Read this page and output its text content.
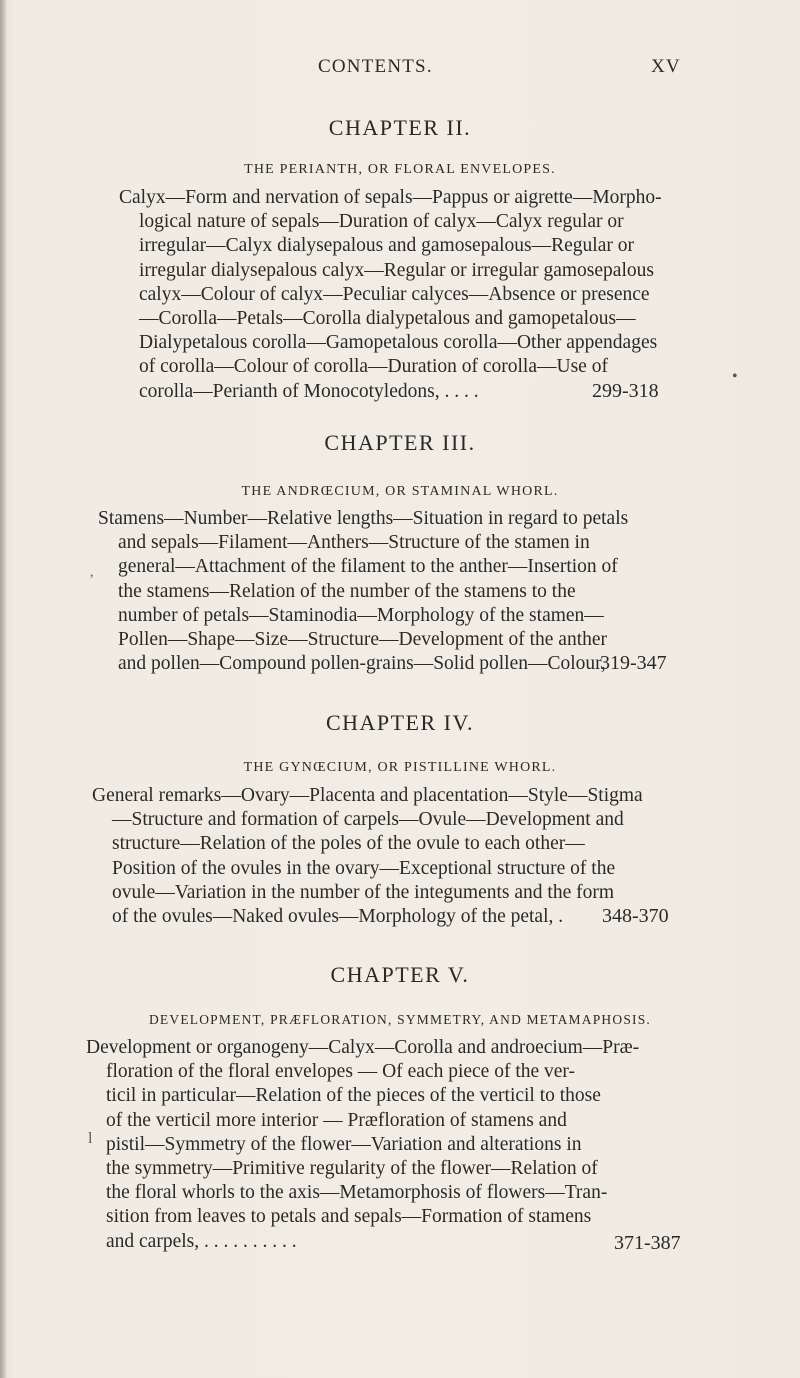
CONTENTS.	XV
CHAPTER II.
THE PERIANTH, OR FLORAL ENVELOPES.
Calyx—Form and nervation of sepals—Pappus or aigrette—Morpho-
logical nature of sepals—Duration of calyx—Calyx regular or
irregular—Calyx dialysepalous and gamosepalous—Regular or
irregular dialysepalous calyx—Regular or irregular gamosepalous
calyx—Colour of calyx—Peculiar calyces—Absence or presence
—Corolla—Petals—Corolla dialypetalous and gamopetalous—
Dialypetalous corolla—Gamopetalous corolla—Other appendages
of corolla—Colour of corolla—Duration of corolla—Use of
corolla—Perianth of Monocotyledons, . . . .	299-318
CHAPTER III.
THE ANDRŒCIUM, OR STAMINAL WHORL.
Stamens—Number—Relative lengths—Situation in regard to petals
and sepals—Filament—Anthers—Structure of the stamen in
general—Attachment of the filament to the anther—Insertion of
the stamens—Relation of the number of the stamens to the
number of petals—Staminodia—Morphology of the stamen—
Pollen—Shape—Size—Structure—Development of the anther
and pollen—Compound pollen-grains—Solid pollen—Colour,
319-347
CHAPTER IV.
THE GYNŒCIUM, OR PISTILLINE WHORL.
General remarks—Ovary—Placenta and placentation—Style—Stigma
—Structure and formation of carpels—Ovule—Development and
structure—Relation of the poles of the ovule to each other—
Position of the ovules in the ovary—Exceptional structure of the
ovule—Variation in the number of the integuments and the form
of the ovules—Naked ovules—Morphology of the petal, .	348-370
CHAPTER V.
DEVELOPMENT, PRÆFLORATION, SYMMETRY, AND METAMAPHOSIS.
Development or organogeny—Calyx—Corolla and androecium—Præ-
floration of the floral envelopes — Of each piece of the ver-
ticil in particular—Relation of the pieces of the verticil to those
of the verticil more interior — Præfloration of stamens and
pistil—Symmetry of the flower—Variation and alterations in
the symmetry—Primitive regularity of the flower—Relation of
the floral whorls to the axis—Metamorphosis of flowers—Tran-
sition from leaves to petals and sepals—Formation of stamens
and carpels, . . . . . . . . . .	371-387
•
,
l
